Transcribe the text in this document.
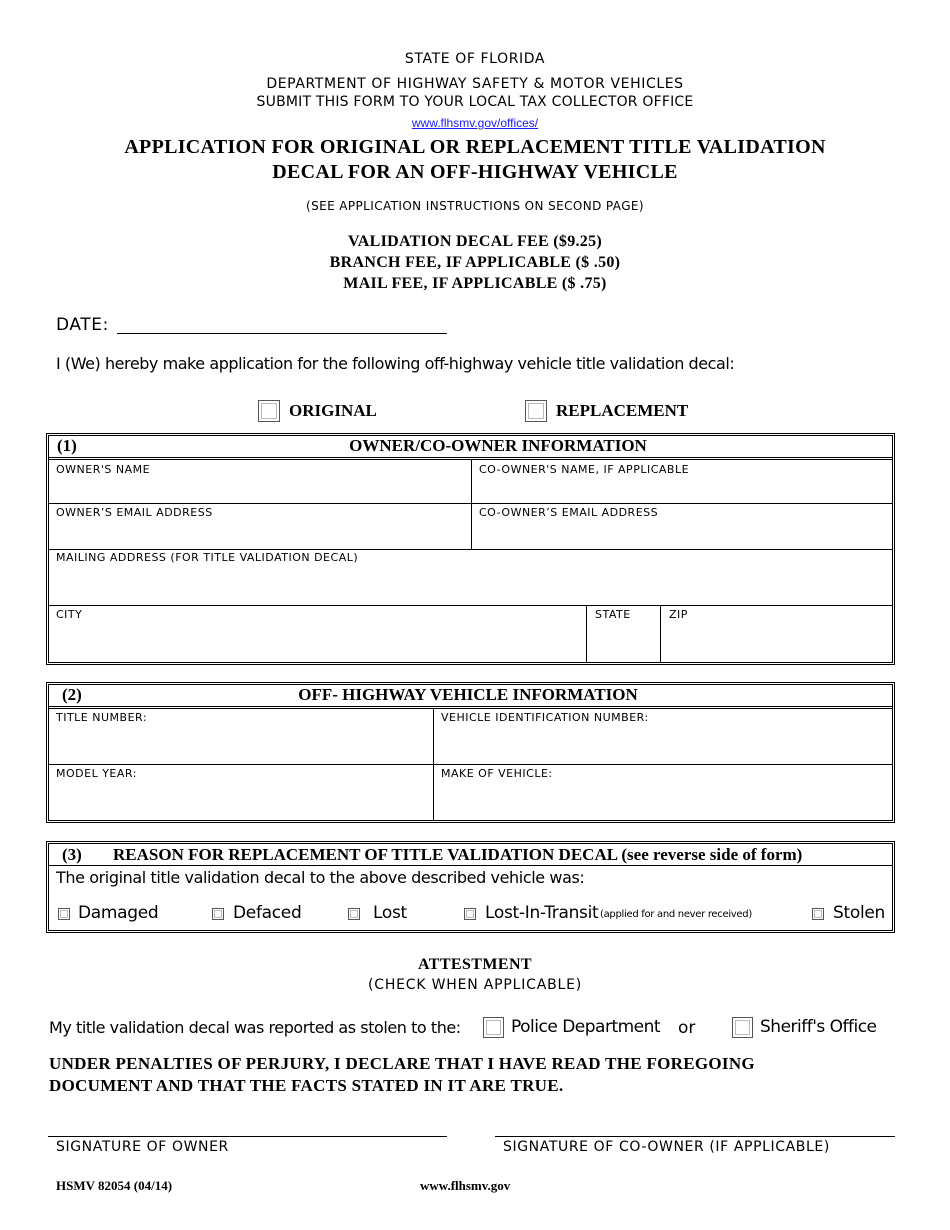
STATE OF FLORIDA
DEPARTMENT OF HIGHWAY SAFETY & MOTOR VEHICLES
SUBMIT THIS FORM TO YOUR LOCAL TAX COLLECTOR OFFICE
www.flhsmv.gov/offices/
APPLICATION FOR ORIGINAL OR REPLACEMENT TITLE VALIDATION
DECAL FOR AN OFF-HIGHWAY VEHICLE
(SEE APPLICATION INSTRUCTIONS ON SECOND PAGE)
VALIDATION DECAL FEE ($9.25)
BRANCH FEE, IF APPLICABLE ($ .50)
MAIL FEE, IF APPLICABLE ($ .75)
DATE:
I (We) hereby make application for the following off-highway vehicle title validation decal:
ORIGINAL	REPLACEMENT
(1)	OWNER/CO-OWNER INFORMATION
OWNER'S NAME	CO-OWNER'S NAME, IF APPLICABLE
OWNER’S EMAIL ADDRESS	CO-OWNER’S EMAIL ADDRESS
MAILING ADDRESS (FOR TITLE VALIDATION DECAL)
CITY	STATE	ZIP
(2)	OFF- HIGHWAY VEHICLE INFORMATION
TITLE NUMBER:	VEHICLE IDENTIFICATION NUMBER:
MODEL YEAR:	MAKE OF VEHICLE:
(3) REASON FOR REPLACEMENT OF TITLE VALIDATION DECAL (see reverse side of form)
The original title validation decal to the above described vehicle was:
Damaged	Defaced	Lost	Lost-In-Transit (applied for and never received)	Stolen
ATTESTMENT
(CHECK WHEN APPLICABLE)
My title validation decal was reported as stolen to the:	Police Department or	Sheriff's Office
UNDER PENALTIES OF PERJURY, I DECLARE THAT I HAVE READ THE FOREGOING
DOCUMENT AND THAT THE FACTS STATED IN IT ARE TRUE.
SIGNATURE OF OWNER	SIGNATURE OF CO-OWNER (IF APPLICABLE)
HSMV 82054 (04/14)	www.flhsmv.gov
